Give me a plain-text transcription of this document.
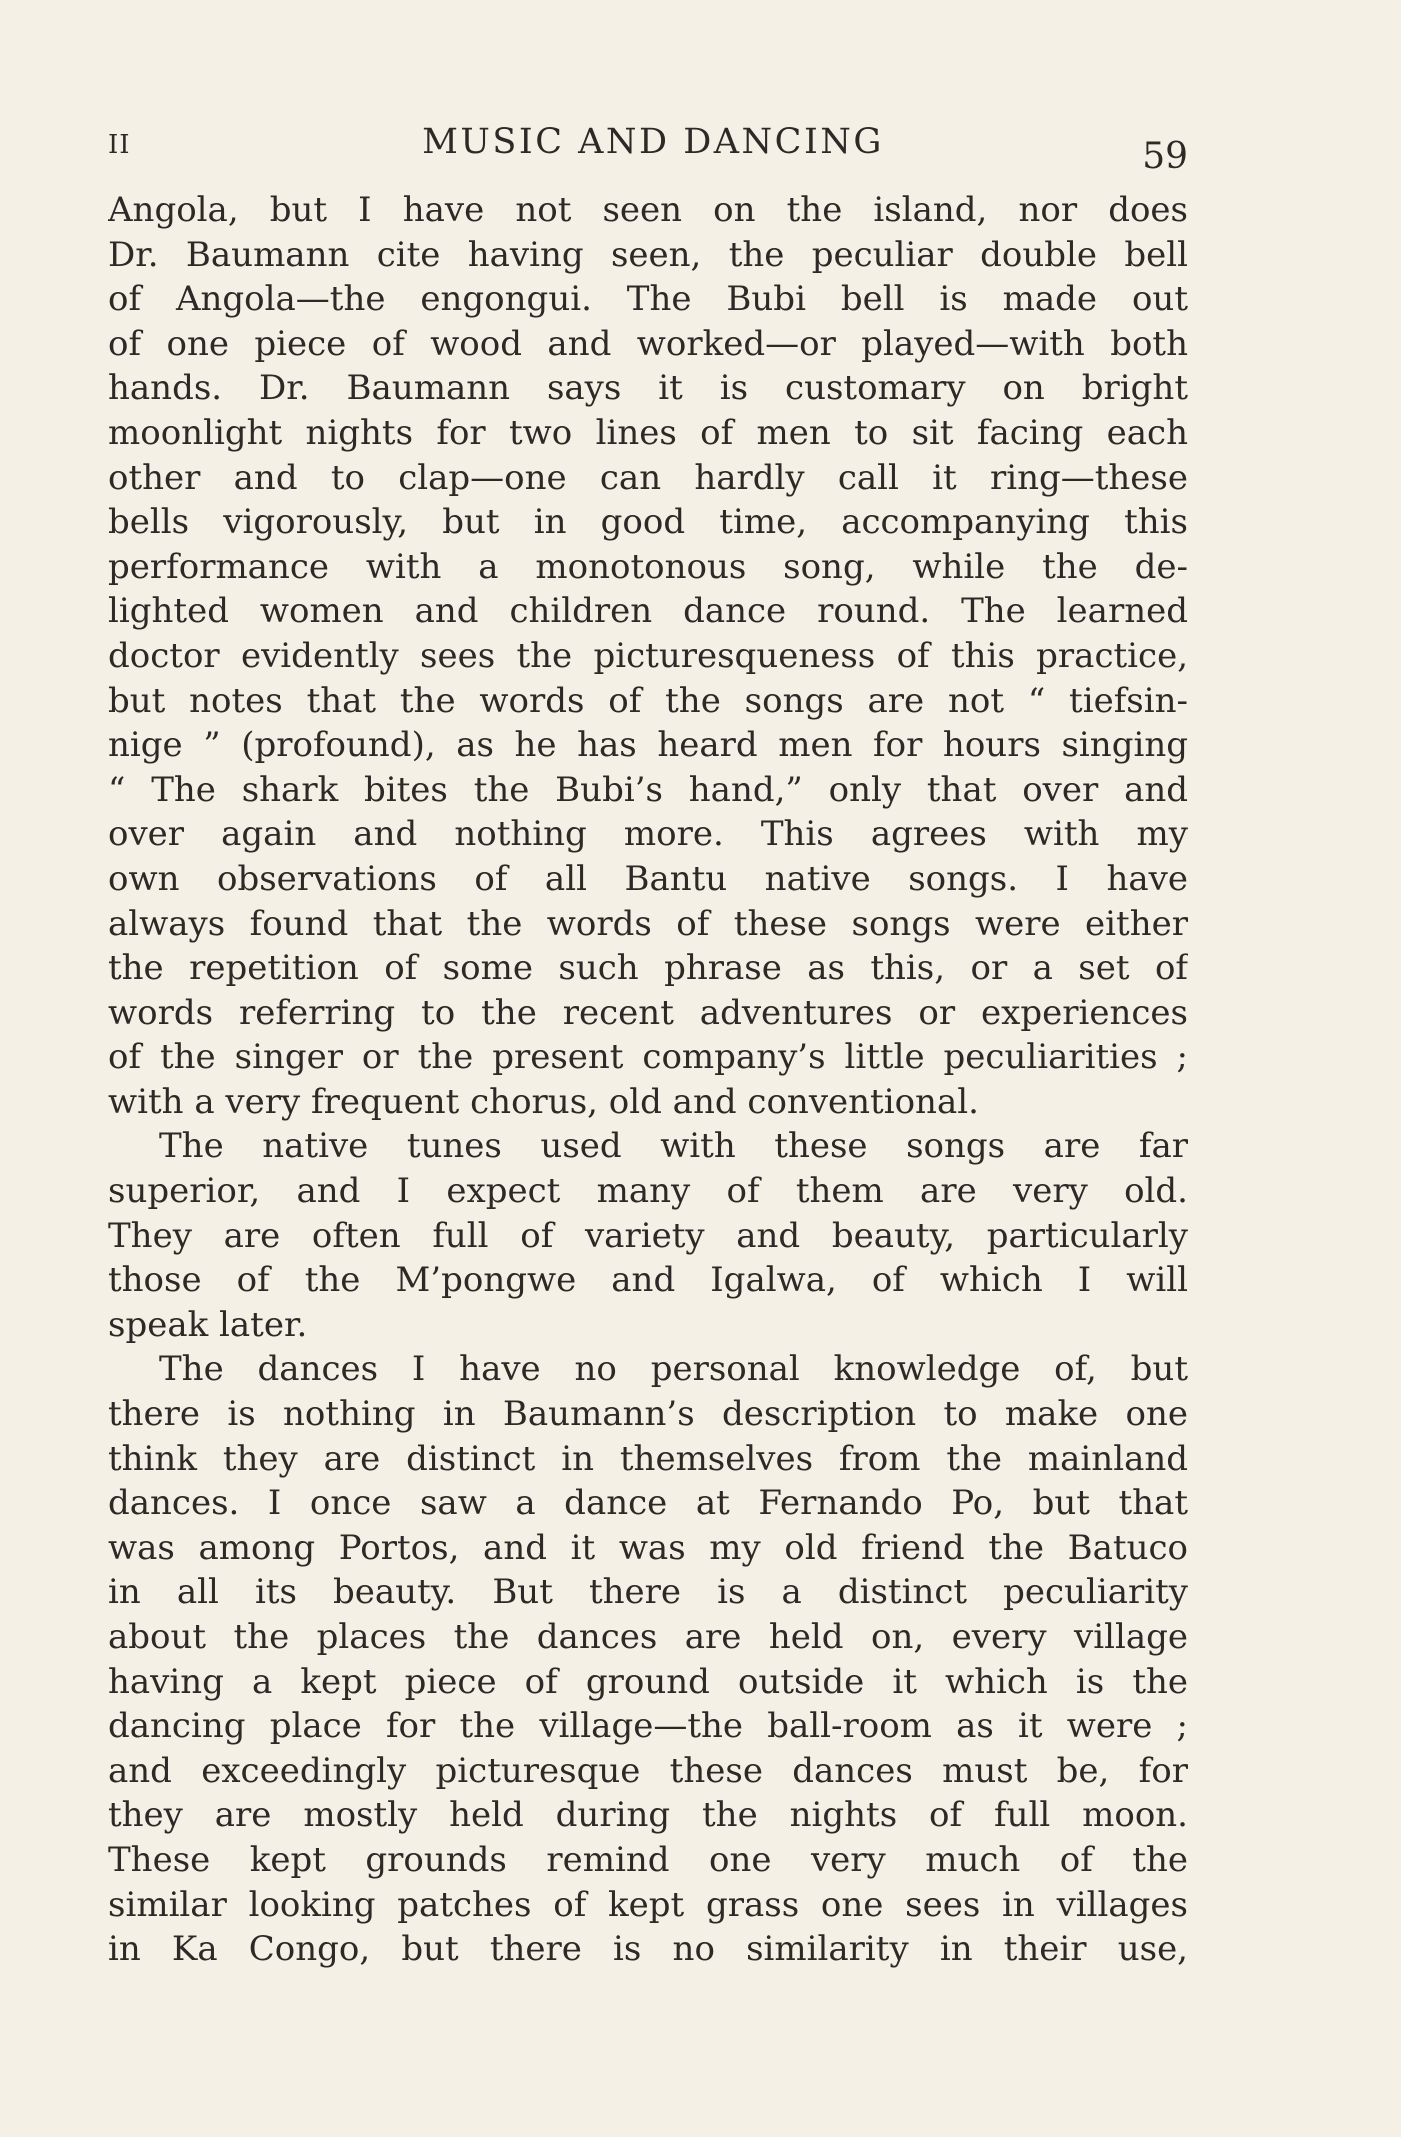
II	MUSIC AND DANCING	59
Angola, but I have not seen on the island, nor does
Dr. Baumann cite having seen, the peculiar double bell
of Angola—the engongui. The Bubi bell is made out
of one piece of wood and worked—or played—with both
hands. Dr. Baumann says it is customary on bright
moonlight nights for two lines of men to sit facing each
other and to clap—one can hardly call it ring—these
bells vigorously, but in good time, accompanying this
performance with a monotonous song, while the de-
lighted women and children dance round. The learned
doctor evidently sees the picturesqueness of this practice,
but notes that the words of the songs are not “ tiefsin-
nige ” (profound), as he has heard men for hours singing
“ The shark bites the Bubi’s hand,” only that over and
over again and nothing more. This agrees with my
own observations of all Bantu native songs. I have
always found that the words of these songs were either
the repetition of some such phrase as this, or a set of
words referring to the recent adventures or experiences
of the singer or the present company’s little peculiarities ;
with a very frequent chorus, old and conventional.
The native tunes used with these songs are far
superior, and I expect many of them are very old.
They are often full of variety and beauty, particularly
those of the M’pongwe and Igalwa, of which I will
speak later.
The dances I have no personal knowledge of, but
there is nothing in Baumann’s description to make one
think they are distinct in themselves from the mainland
dances. I once saw a dance at Fernando Po, but that
was among Portos, and it was my old friend the Batuco
in all its beauty. But there is a distinct peculiarity
about the places the dances are held on, every village
having a kept piece of ground outside it which is the
dancing place for the village—the ball-room as it were ;
and exceedingly picturesque these dances must be, for
they are mostly held during the nights of full moon.
These kept grounds remind one very much of the
similar looking patches of kept grass one sees in villages
in Ka Congo, but there is no similarity in their use,
